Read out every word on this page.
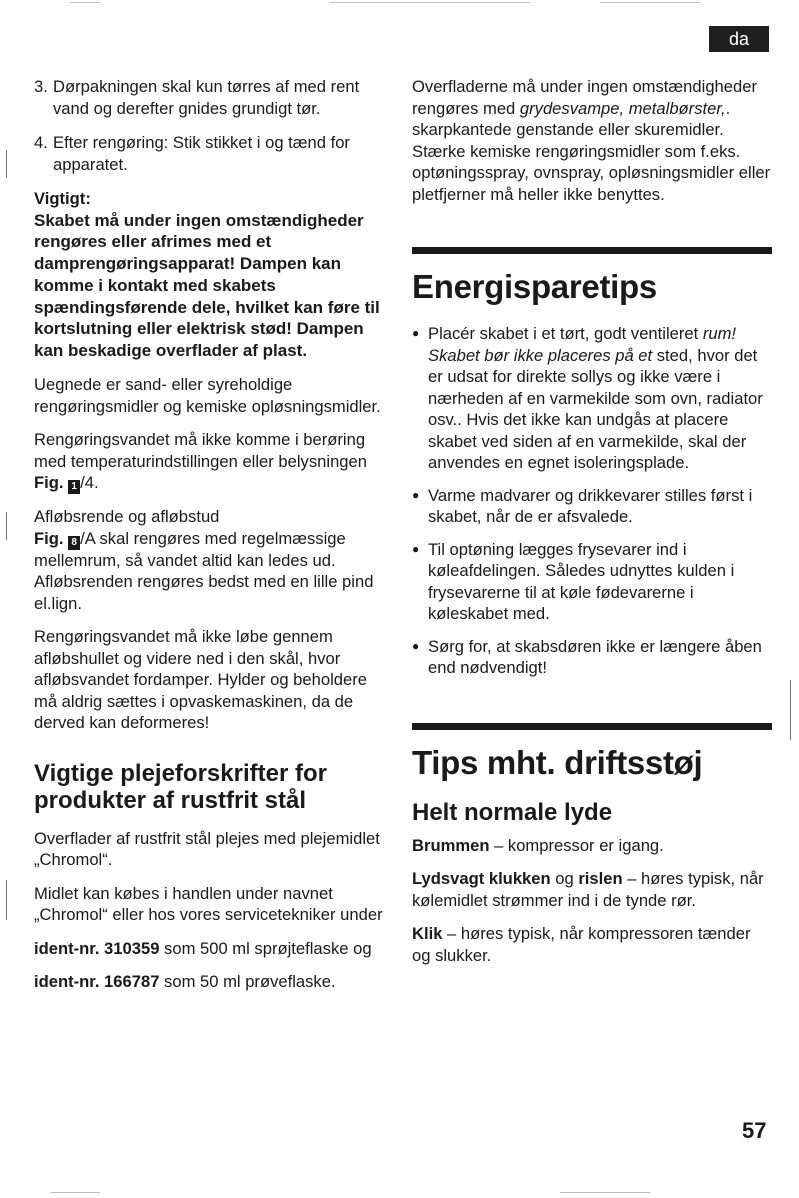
da

3. Dørpakningen skal kun tørres af med rent vand og derefter gnides grundigt tør.

4. Efter rengøring: Stik stikket i og tænd for apparatet.

Vigtigt:

Skabet må under ingen omstændigheder rengøres eller afrimes med et damprengøringsapparat! Dampen kan komme i kontakt med skabets spændingsførende dele, hvilket kan føre til kortslutning eller elektrisk stød! Dampen kan beskadige overflader af plast.

Uegnede er sand- eller syreholdige rengøringsmidler og kemiske opløsningsmidler.

Rengøringsvandet må ikke komme i berøring med temperaturindstillingen eller belysningen Fig. 1 /4.

Afløbsrende og afløbstud
Fig. 8 /A skal rengøres med regelmæssige mellemrum, så vandet altid kan ledes ud. Afløbsrenden rengøres bedst med en lille pind el.lign.

Rengøringsvandet må ikke løbe gennem afløbshullet og videre ned i den skål, hvor afløbsvandet fordamper. Hylder og beholdere må aldrig sættes i opvaskemaskinen, da de derved kan deformeres!

Vigtige plejeforskrifter for produkter af rustfrit stål

Overflader af rustfrit stål plejes med plejemidlet „Chromol“.

Midlet kan købes i handlen under navnet „Chromol“ eller hos vores servicetekniker under

ident-nr. 310359 som 500 ml sprøjteflaske og

ident-nr. 166787 som 50 ml prøveflaske.

Overfladerne må under ingen omstændigheder rengøres med grydesvampe, metalbørster,. skarpkantede genstande eller skuremidler. Stærke kemiske rengøringsmidler som f.eks. optøningsspray, ovnspray, opløsningsmidler eller pletfjerner må heller ikke benyttes.

Energisparetips
● Placér skabet i et tørt, godt ventileret rum! Skabet bør ikke placeres på et sted, hvor det er udsat for direkte sollys og ikke være i nærheden af en varmekilde som ovn, radiator osv.. Hvis det ikke kan undgås at placere skabet ved siden af en varmekilde, skal der anvendes en egnet isoleringsplade.

● Varme madvarer og drikkevarer stilles først i skabet, når de er afsvalede.

● Til optøning lægges frysevarer ind i køleafdelingen. Således udnyttes kulden i frysevarerne til at køle fødevarerne i køleskabet med.

● Sørg for, at skabsdøren ikke er længere åben end nødvendigt!

Tips mht. driftsstøj
Helt normale lyde

Brummen – kompressor er igang.

Lydsvagt klukken og rislen – høres typisk, når kølemidlet strømmer ind i de tynde rør.

Klik – høres typisk, når kompressoren tænder og slukker.

57
